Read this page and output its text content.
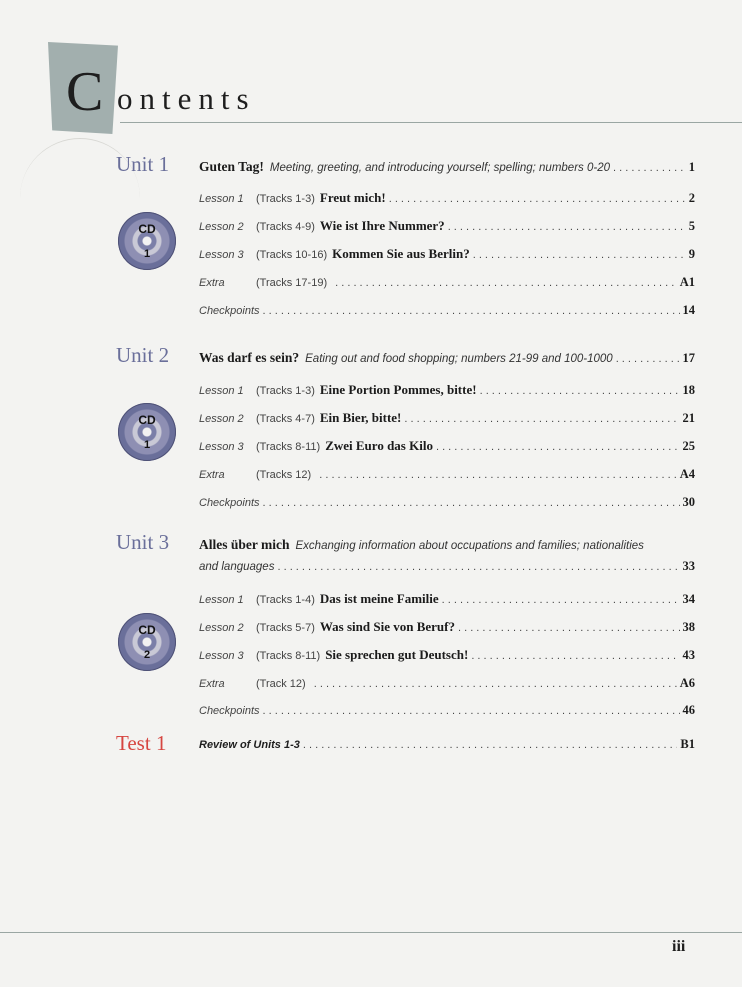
C ontents
Unit 1 Guten Tag! Meeting, greeting, and introducing yourself; spelling; numbers 0-20 . . .	1
CD
1
Lesson 1	(Tracks 1-3) Freut mich! . . .	2
Lesson 2	(Tracks 4-9) Wie ist Ihre Nummer? . . .	5
Lesson 3	(Tracks 10-16) Kommen Sie aus Berlin? . . .	9
Extra	(Tracks 17-19) . . .	A1
Checkpoints . . .	14
Unit 2 Was darf es sein? Eating out and food shopping; numbers 21-99 and 100-1000 . . .	17
CD
1
Lesson 1	(Tracks 1-3) Eine Portion Pommes, bitte! . . .	18
Lesson 2	(Tracks 4-7) Ein Bier, bitte! . . .	21
Lesson 3	(Tracks 8-11) Zwei Euro das Kilo . . .	25
Extra	(Tracks 12) . . .	A4
Checkpoints . . .	30
Unit 3 Alles über mich Exchanging information about occupations and families; nationalities
and languages . . .	33
CD
2
Lesson 1	(Tracks 1-4) Das ist meine Familie . . .	34
Lesson 2	(Tracks 5-7) Was sind Sie von Beruf? . . .	38
Lesson 3	(Tracks 8-11) Sie sprechen gut Deutsch! . . .	43
Extra	(Track 12) . . .	A6
Checkpoints . . .	46
Test 1	Review of Units 1-3 . . .	B1
iii
